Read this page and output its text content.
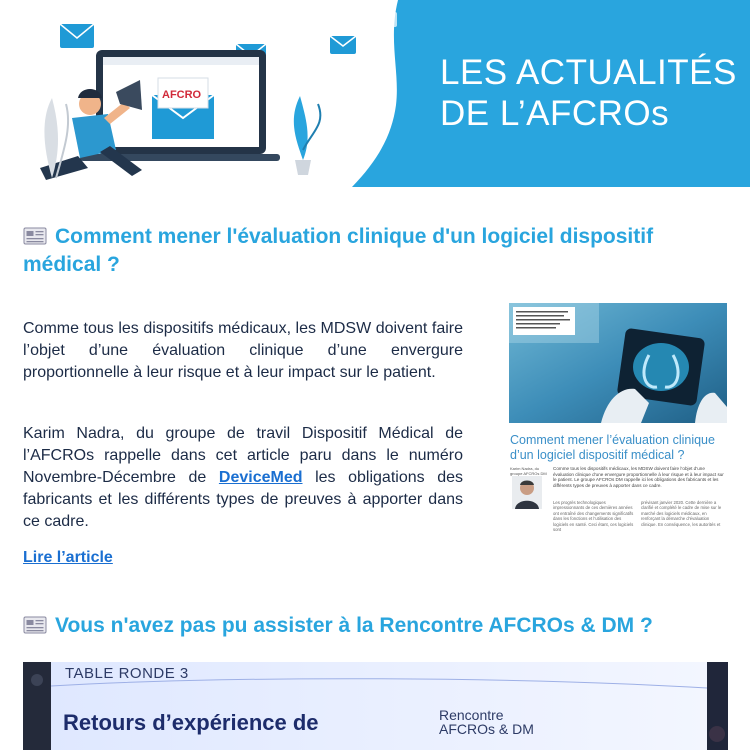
AFCRO
LES ACTUALITÉS
DE L’AFCROs
Comment mener l'évaluation clinique d'un logiciel dispositif médical ?

Comme tous les dispositifs médicaux, les MDSW doivent faire l’objet d’une évaluation clinique d’une envergure proportionnelle à leur risque et à leur impact sur le patient.

Karim Nadra, du groupe de travil Dispositif Médical de l’AFCROs rappelle dans cet article paru dans le numéro Novembre-Décembre de DeviceMed les obligations des fabricants et les différents types de preuves à apporter dans ce cadre.

Lire l’article
Comment mener l’évaluation clinique d’un logiciel dispositif médical ?
Karim Nadra, du groupe AFCROs DM
Comme tous les dispositifs médicaux, les MDSW doivent faire l’objet d’une évaluation clinique d’une envergure proportionnelle à leur risque et à leur impact sur le patient. Le groupe AFCROs DM rappelle ici les obligations des fabricants et les différents types de preuves à apporter dans ce cadre.
Les progrès technologiques impressionnants de ces dernières années ont entraîné des changements significatifs dans les fonctions et l’utilisation des logiciels en santé. Ceci étant, ces logiciels sont
prévisant janvier 2020. Cette dernière a clarifié et complété le cadre de mise sur le marché des logiciels médicaux, en renforçant la démarche d’évaluation clinique. En conséquence, les autorités et
Vous n'avez pas pu assister à la Rencontre AFCROs & DM ?
TABLE RONDE 3
Retours d’expérience de	Rencontre
AFCROs & DM
